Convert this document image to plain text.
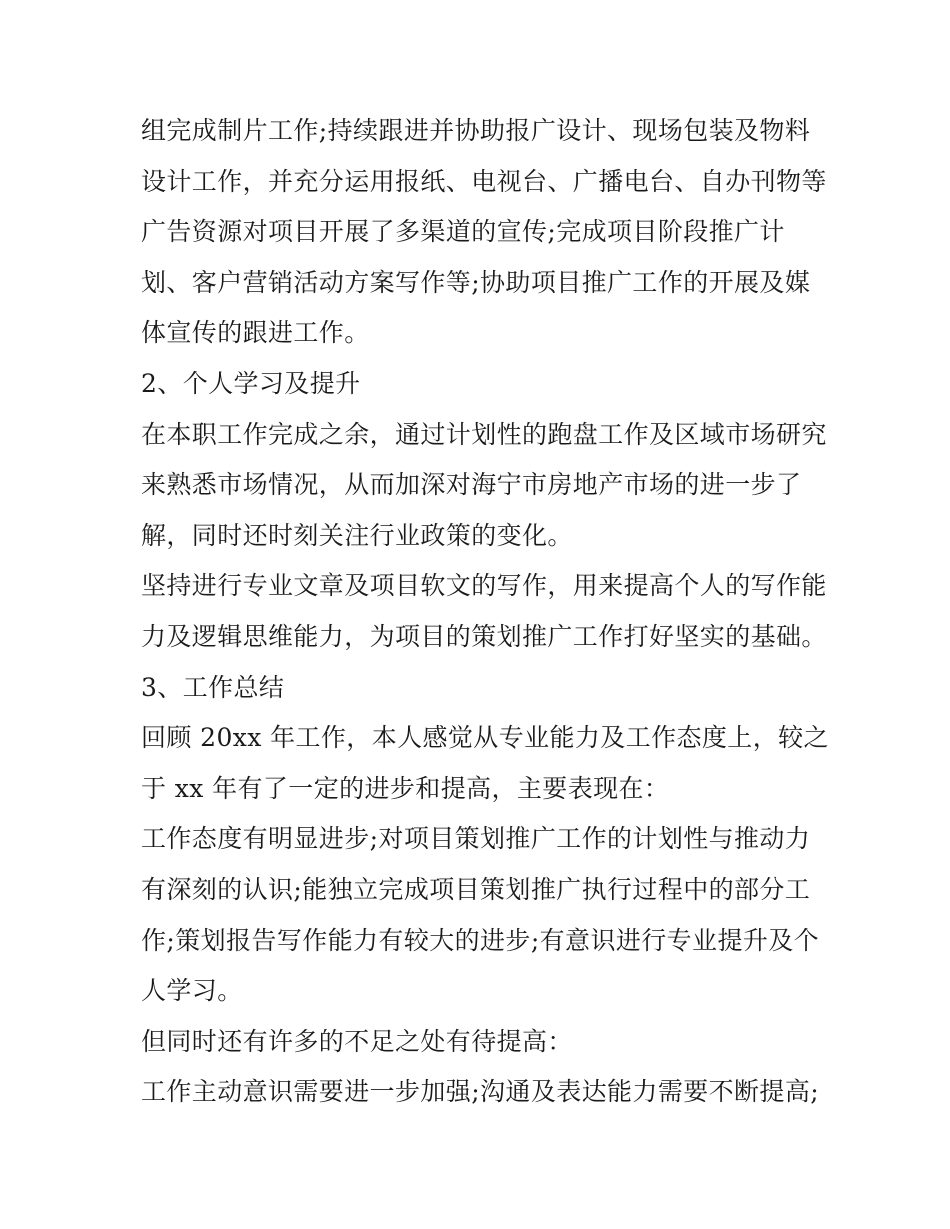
组完成制片工作;持续跟进并协助报广设计、现场包装及物料
设计工作，并充分运用报纸、电视台、广播电台、自办刊物等
广告资源对项目开展了多渠道的宣传;完成项目阶段推广计
划、客户营销活动方案写作等;协助项目推广工作的开展及媒
体宣传的跟进工作。
2、个人学习及提升
在本职工作完成之余，通过计划性的跑盘工作及区域市场研究
来熟悉市场情况，从而加深对海宁市房地产市场的进一步了
解，同时还时刻关注行业政策的变化。
坚持进行专业文章及项目软文的写作，用来提高个人的写作能
力及逻辑思维能力，为项目的策划推广工作打好坚实的基础。
3、工作总结
回顾 20xx 年工作，本人感觉从专业能力及工作态度上，较之
于 xx 年有了一定的进步和提高，主要表现在：
工作态度有明显进步;对项目策划推广工作的计划性与推动力
有深刻的认识;能独立完成项目策划推广执行过程中的部分工
作;策划报告写作能力有较大的进步;有意识进行专业提升及个
人学习。
但同时还有许多的不足之处有待提高：
工作主动意识需要进一步加强;沟通及表达能力需要不断提高;
